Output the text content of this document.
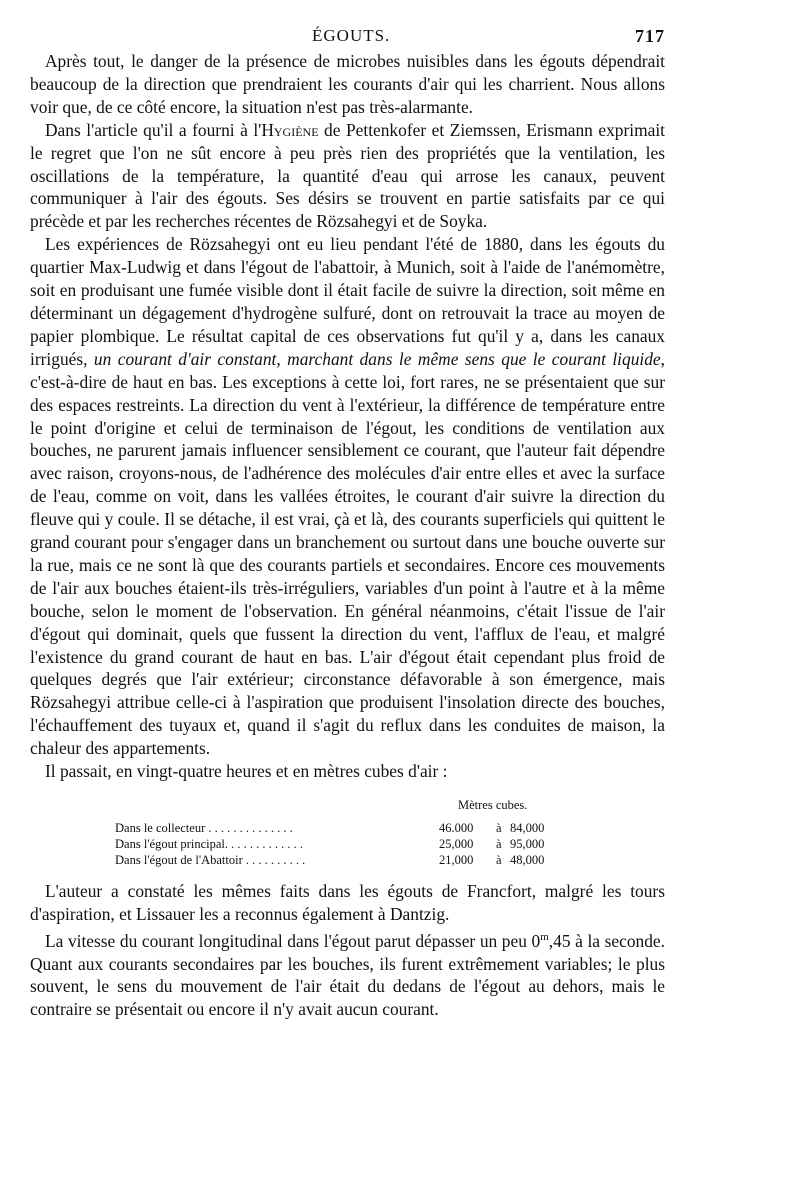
ÉGOUTS.	717

Après tout, le danger de la présence de microbes nuisibles dans les égouts dépendrait beaucoup de la direction que prendraient les courants d'air qui les charrient. Nous allons voir que, de ce côté encore, la situation n'est pas très-alarmante.

Dans l'article qu'il a fourni à l'Hygiène de Pettenkofer et Ziemssen, Erismann exprimait le regret que l'on ne sût encore à peu près rien des propriétés que la ventilation, les oscillations de la température, la quantité d'eau qui arrose les canaux, peuvent communiquer à l'air des égouts. Ses désirs se trouvent en partie satisfaits par ce qui précède et par les recherches récentes de Rözsahegyi et de Soyka.

Les expériences de Rözsahegyi ont eu lieu pendant l'été de 1880, dans les égouts du quartier Max-Ludwig et dans l'égout de l'abattoir, à Munich, soit à l'aide de l'anémomètre, soit en produisant une fumée visible dont il était facile de suivre la direction, soit même en déterminant un dégagement d'hydrogène sulfuré, dont on retrouvait la trace au moyen de papier plombique. Le résultat capital de ces observations fut qu'il y a, dans les canaux irrigués, un courant d'air constant, marchant dans le même sens que le courant liquide, c'est-à-dire de haut en bas. Les exceptions à cette loi, fort rares, ne se présentaient que sur des espaces restreints. La direction du vent à l'extérieur, la différence de température entre le point d'origine et celui de terminaison de l'égout, les conditions de ventilation aux bouches, ne parurent jamais influencer sensiblement ce courant, que l'auteur fait dépendre avec raison, croyons-nous, de l'adhérence des molécules d'air entre elles et avec la surface de l'eau, comme on voit, dans les vallées étroites, le courant d'air suivre la direction du fleuve qui y coule. Il se détache, il est vrai, çà et là, des courants superficiels qui quittent le grand courant pour s'engager dans un branchement ou surtout dans une bouche ouverte sur la rue, mais ce ne sont là que des courants partiels et secondaires. Encore ces mouvements de l'air aux bouches étaient-ils très-irréguliers, variables d'un point à l'autre et à la même bouche, selon le moment de l'observation. En général néanmoins, c'était l'issue de l'air d'égout qui dominait, quels que fussent la direction du vent, l'afflux de l'eau, et malgré l'existence du grand courant de haut en bas. L'air d'égout était cependant plus froid de quelques degrés que l'air extérieur; circonstance défavorable à son émergence, mais Rözsahegyi attribue celle-ci à l'aspiration que produisent l'insolation directe des bouches, l'échauffement des tuyaux et, quand il s'agit du reflux dans les conduites de maison, la chaleur des appartements.

Il passait, en vingt-quatre heures et en mètres cubes d'air :

Mètres cubes.
Dans le collecteur . . . . . . . . . . . . . .	46.000 à 84,000
Dans l'égout principal. . . . . . . . . . . . .	25,000 à 95,000
Dans l'égout de l'Abattoir . . . . . . . . . .	21,000 à 48,000

L'auteur a constaté les mêmes faits dans les égouts de Francfort, malgré les tours d'aspiration, et Lissauer les a reconnus également à Dantzig.

La vitesse du courant longitudinal dans l'égout parut dépasser un peu 0$^m$,45 à la seconde. Quant aux courants secondaires par les bouches, ils furent extrêmement variables; le plus souvent, le sens du mouvement de l'air était du dedans de l'égout au dehors, mais le contraire se présentait ou encore il n'y avait aucun courant.
